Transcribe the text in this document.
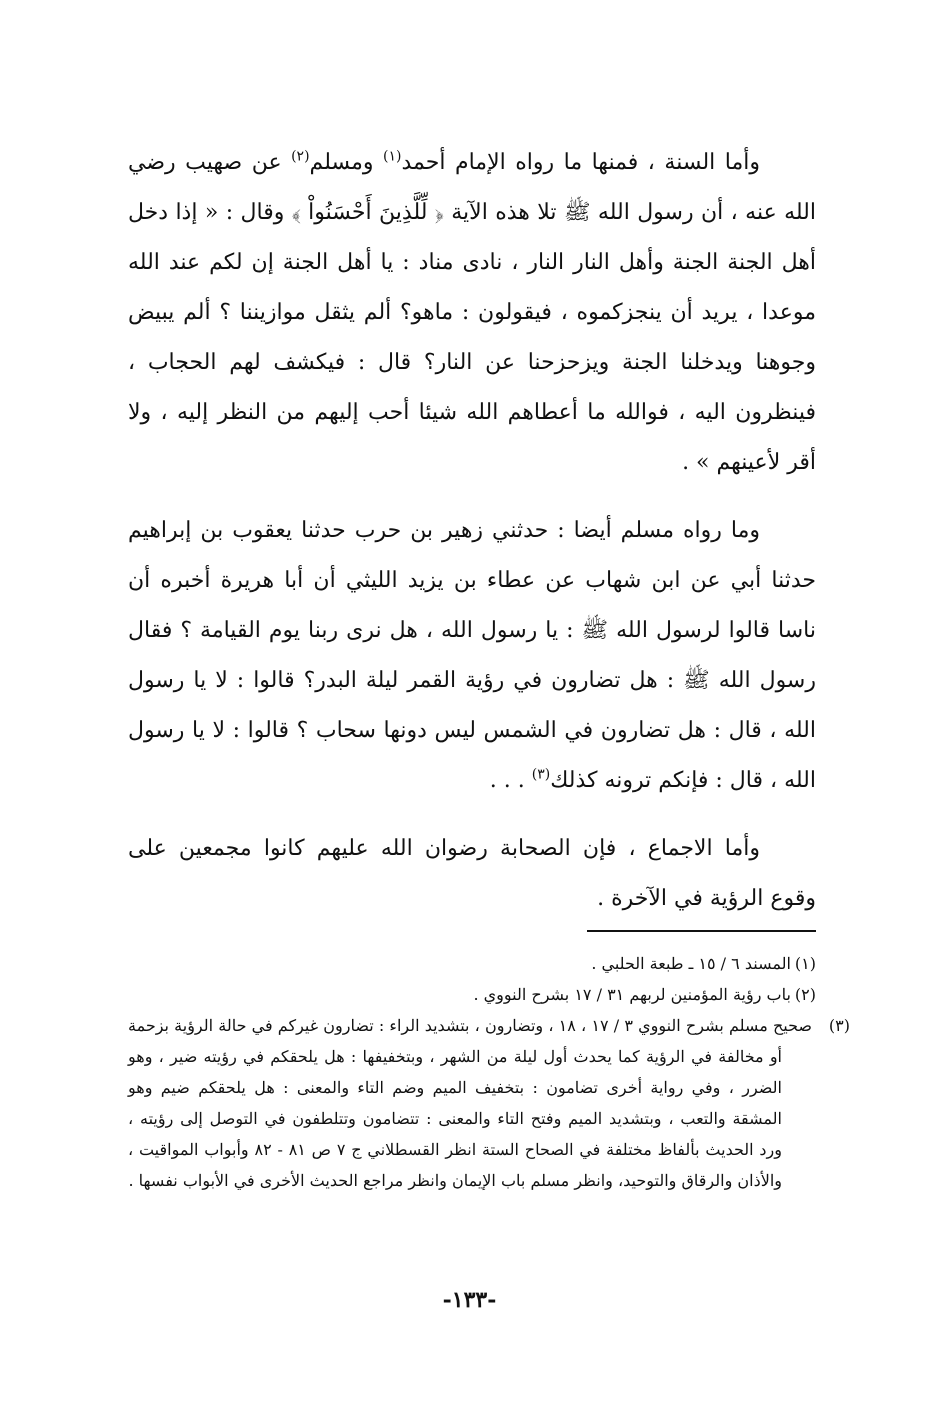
وأما السنة ، فمنها ما رواه الإمام أحمد$^{(١)}$ ومسلم$^{(٢)}$ عن صهيب رضي الله عنه ، أن رسول الله ﷺ تلا هذه الآية ﴿ لِّلَّذِينَ أَحْسَنُواْ ﴾ وقال : « إذا دخل أهل الجنة الجنة وأهل النار النار ، نادى مناد : يا أهل الجنة إن لكم عند الله موعدا ، يريد أن ينجزكموه ، فيقولون : ماهو؟ ألم يثقل موازيننا ؟ ألم يبيض وجوهنا ويدخلنا الجنة ويزحزحنا عن النار؟ قال : فيكشف لهم الحجاب ، فينظرون اليه ، فوالله ما أعطاهم الله شيئا أحب إليهم من النظر إليه ، ولا أقر لأعينهم » .

وما رواه مسلم أيضا : حدثني زهير بن حرب حدثنا يعقوب بن إبراهيم حدثنا أبي عن ابن شهاب عن عطاء بن يزيد الليثي أن أبا هريرة أخبره أن ناسا قالوا لرسول الله ﷺ : يا رسول الله ، هل نرى ربنا يوم القيامة ؟ فقال رسول الله ﷺ : هل تضارون في رؤية القمر ليلة البدر؟ قالوا : لا يا رسول الله ، قال : هل تضارون في الشمس ليس دونها سحاب ؟ قالوا : لا يا رسول الله ، قال : فإنكم ترونه كذلك$^{(٣)}$ . . .

وأما الاجماع ، فإن الصحابة رضوان الله عليهم كانوا مجمعين على وقوع الرؤية في الآخرة .

(١)المسند ٦ / ١٥ ـ طبعة الحلبي .

(٢)باب رؤية المؤمنين لربهم ٣١ / ١٧ بشرح النووي .

(٣)صحيح مسلم بشرح النووي ٣ / ١٧ ، ١٨ ، وتضارون ، بتشديد الراء : تضارون غيركم في حالة الرؤية بزحمة أو مخالفة في الرؤية كما يحدث أول ليلة من الشهر ، وبتخفيفها : هل يلحقكم في رؤيته ضير ، وهو الضرر ، وفي رواية أخرى تضامون : بتخفيف الميم وضم التاء والمعنى : هل يلحقكم ضيم وهو المشقة والتعب ، وبتشديد الميم وفتح التاء والمعنى : تتضامون وتتلطفون في التوصل إلى رؤيته ، ورد الحديث بألفاظ مختلفة في الصحاح الستة انظر القسطلاني ج ٧ ص ٨١ - ٨٢ وأبواب المواقيت ، والأذان والرقاق والتوحيد، وانظر مسلم باب الإيمان وانظر مراجع الحديث الأخرى في الأبواب نفسها .

-١٣٣-
